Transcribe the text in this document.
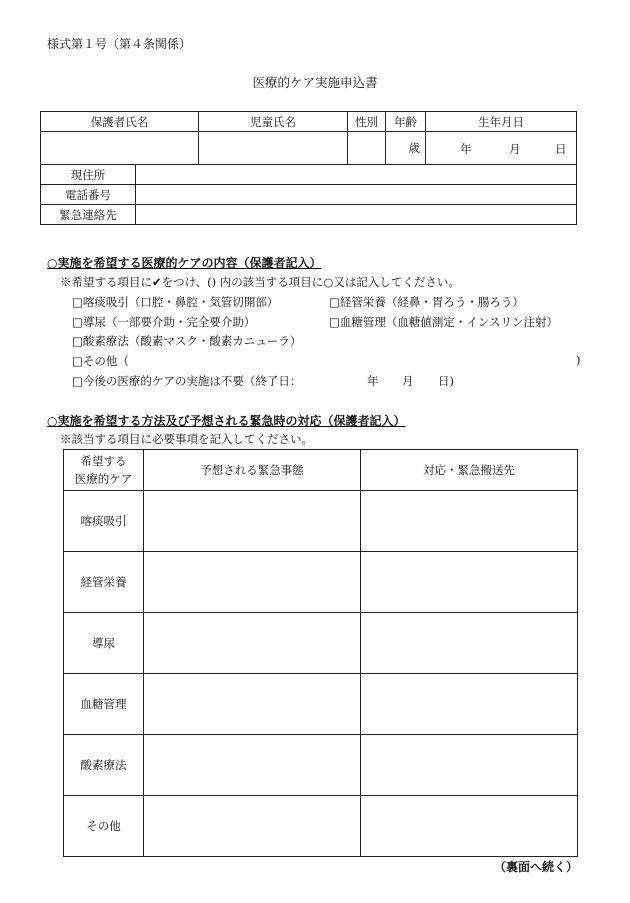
様式第１号（第４条関係）
医療的ケア実施申込書
保護者氏名		児童氏名	性別	年齢	生年月日
				歳	年 月 日

現住所					
電話番号					
緊急連絡先					
○実施を希望する医療的ケアの内容（保護者記入）
※希望する項目に✔をつけ、() 内の該当する項目に○又は記入してください。
□喀痰吸引（口腔・鼻腔・気管切開部）	□経管栄養（経鼻・胃ろう・腸ろう）
□導尿（一部要介助・完全要介助）	□血糖管理（血糖値測定・インスリン注射）
□酸素療法（酸素マスク・酸素カニューラ）
□その他（	)
□今後の医療的ケアの実施は不要（終了日：	年 月 日)
○実施を希望する方法及び予想される緊急時の対応（保護者記入）
※該当する項目に必要事項を記入してください。
希望する
医療的ケア	予想される緊急事態	対応・緊急搬送先
喀痰吸引		
経管栄養		
導尿		
血糖管理		
酸素療法		
その他		
（裏面へ続く）
